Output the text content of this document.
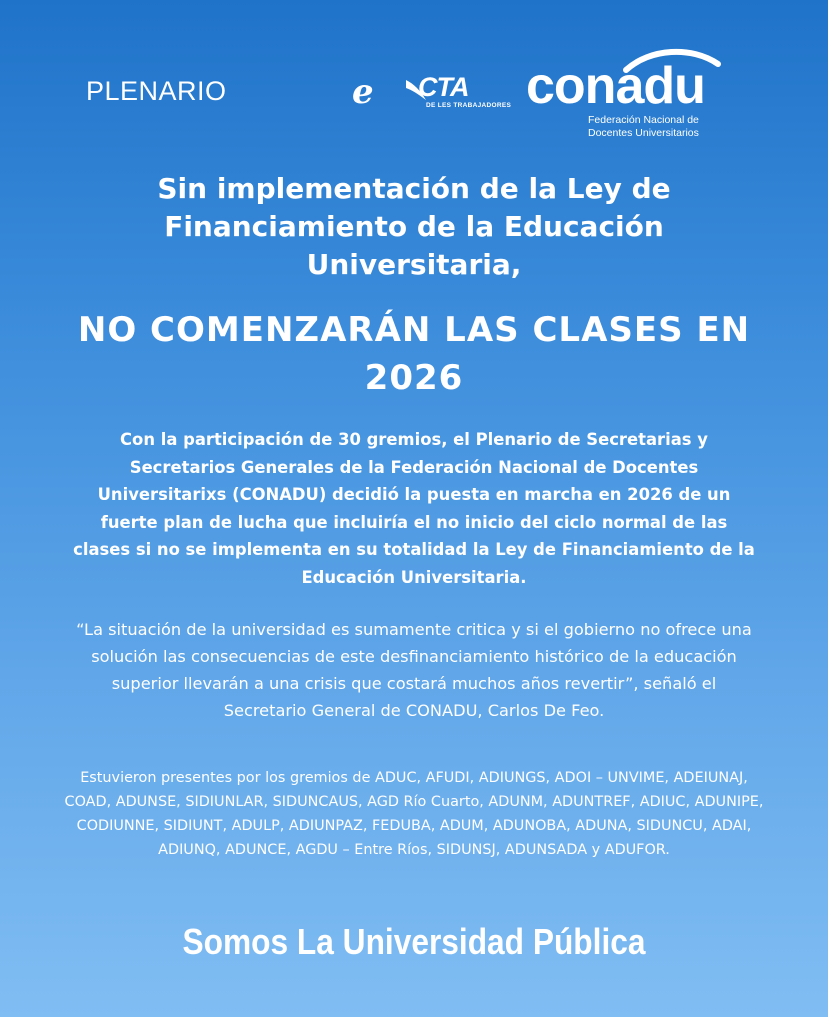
PLENARIO	e CTA
DE LES TRABAJADORES conadu
Federación Nacional de Docentes Universitarios
Sin implementación de la Ley de Financiamiento de la Educación Universitaria,
NO COMENZARÁN LAS CLASES EN 2026

Con la participación de 30 gremios, el Plenario de Secretarias y Secretarios Generales de la Federación Nacional de Docentes Universitarixs (CONADU) decidió la puesta en marcha en 2026 de un fuerte plan de lucha que incluiría el no inicio del ciclo normal de las clases si no se implementa en su totalidad la Ley de Financiamiento de la Educación Universitaria.

“La situación de la universidad es sumamente critica y si el gobierno no ofrece una solución las consecuencias de este desfinanciamiento histórico de la educación superior llevarán a una crisis que costará muchos años revertir”, señaló el Secretario General de CONADU, Carlos De Feo.

Estuvieron presentes por los gremios de ADUC, AFUDI, ADIUNGS, ADOI – UNVIME, ADEIUNAJ, COAD, ADUNSE, SIDIUNLAR, SIDUNCAUS, AGD Río Cuarto, ADUNM, ADUNTREF, ADIUC, ADUNIPE, CODIUNNE, SIDIUNT, ADULP, ADIUNPAZ, FEDUBA, ADUM, ADUNOBA, ADUNA, SIDUNCU, ADAI, ADIUNQ, ADUNCE, AGDU – Entre Ríos, SIDUNSJ, ADUNSADA y ADUFOR.

Somos La Universidad Pública
